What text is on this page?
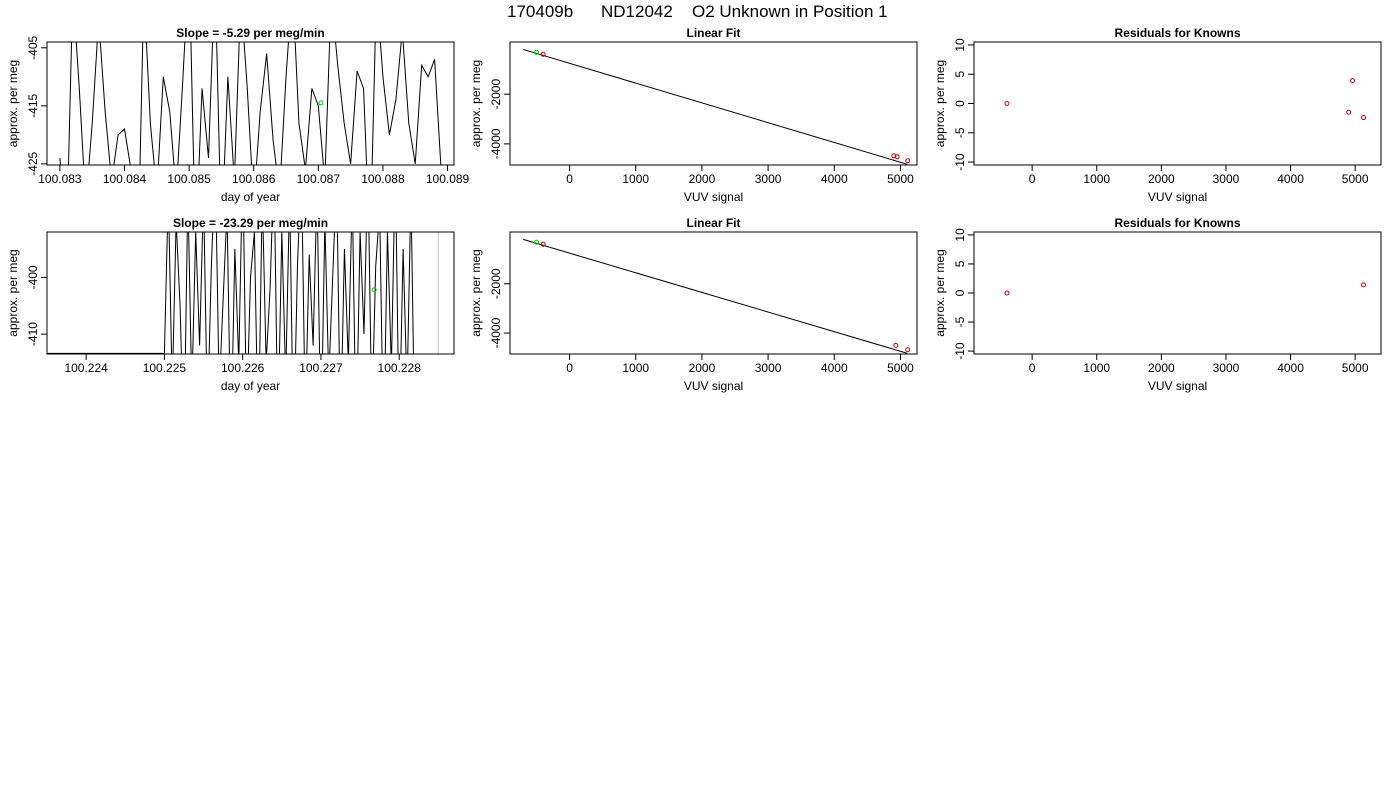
170409b ND12042 O2 Unknown in Position 1
Slope = -5.29 per meg/min
100.083 100.084 100.085 100.086 100.087 100.088 100.089
-405
-415
-425
day of year
approx. per meg
Linear Fit
0	1000	2000	3000	4000	5000
-2000
-4000
VUV signal
approx. per meg
Residuals for Knowns
0	1000	2000	3000	4000	5000
10
5
0
-5
-10
VUV signal
approx. per meg
Slope = -23.29 per meg/min
100.224	100.225	100.226	100.227	100.228
-400
-410
day of year
approx. per meg
Linear Fit
0	1000	2000	3000	4000	5000
-2000
-4000
VUV signal
approx. per meg
Residuals for Knowns
0	1000	2000	3000	4000	5000
10
5
0
-5
-10
VUV signal
approx. per meg
